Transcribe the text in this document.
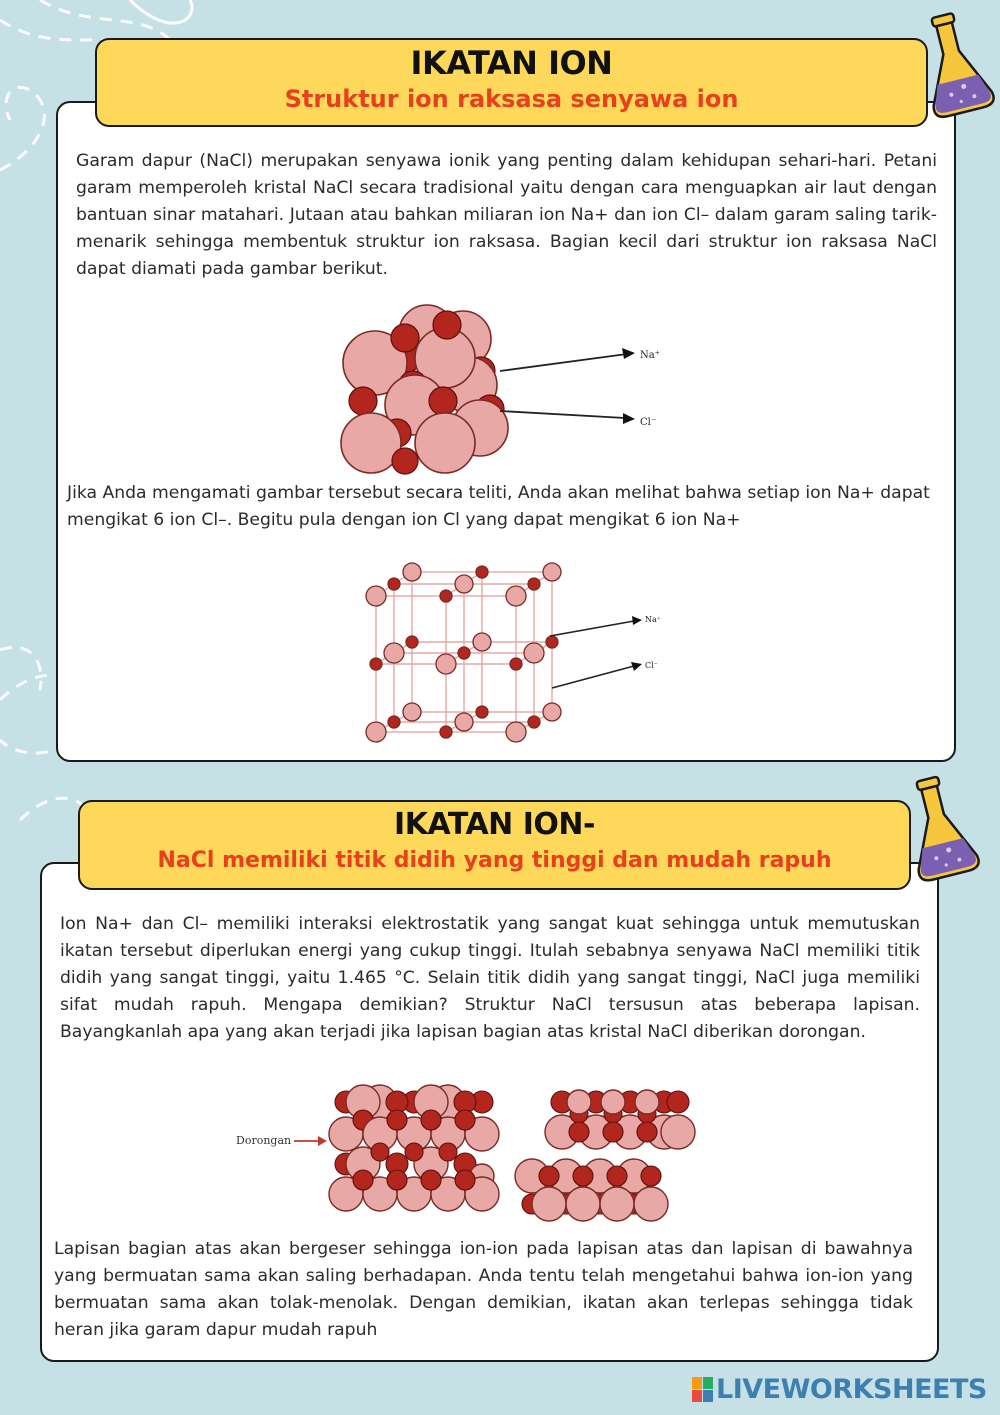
IKATAN ION
Struktur ion raksasa senyawa ion

Garam dapur (NaCl) merupakan senyawa ionik yang penting dalam kehidupan sehari-hari. Petani garam memperoleh kristal NaCl secara tradisional yaitu dengan cara menguapkan air laut dengan bantuan sinar matahari. Jutaan atau bahkan miliaran ion Na+ dan ion Cl– dalam garam saling tarik-menarik sehingga membentuk struktur ion raksasa. Bagian kecil dari struktur ion raksasa NaCl dapat diamati pada gambar berikut.

Na⁺
Cl⁻

Jika Anda mengamati gambar tersebut secara teliti, Anda akan melihat bahwa setiap ion Na+ dapat mengikat 6 ion Cl–. Begitu pula dengan ion Cl yang dapat mengikat 6 ion Na+

Na⁺
Cl⁻
IKATAN ION-
NaCl memiliki titik didih yang tinggi dan mudah rapuh

Ion Na+ dan Cl– memiliki interaksi elektrostatik yang sangat kuat sehingga untuk memutuskan ikatan tersebut diperlukan energi yang cukup tinggi. Itulah sebabnya senyawa NaCl memiliki titik didih yang sangat tinggi, yaitu 1.465 °C. Selain titik didih yang sangat tinggi, NaCl juga memiliki sifat mudah rapuh. Mengapa demikian? Struktur NaCl tersusun atas beberapa lapisan. Bayangkanlah apa yang akan terjadi jika lapisan bagian atas kristal NaCl diberikan dorongan.

Dorongan

Lapisan bagian atas akan bergeser sehingga ion-ion pada lapisan atas dan lapisan di bawahnya yang bermuatan sama akan saling berhadapan. Anda tentu telah mengetahui bahwa ion-ion yang bermuatan sama akan tolak-menolak. Dengan demikian, ikatan akan terlepas sehingga tidak heran jika garam dapur mudah rapuh

LIVEWORKSHEETS
